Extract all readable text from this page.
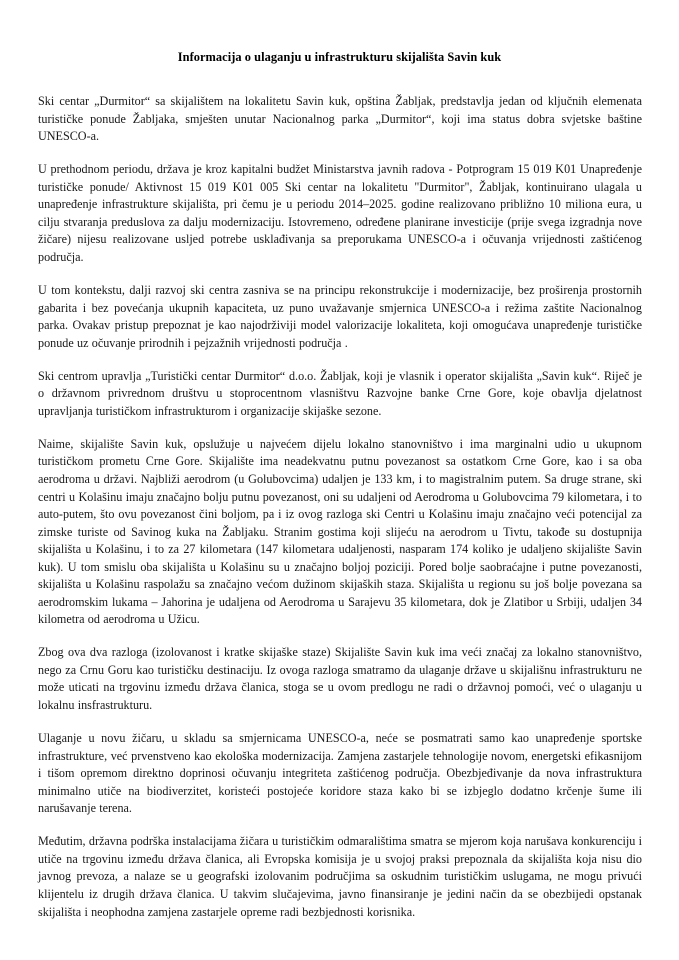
Informacija o ulaganju u infrastrukturu skijališta Savin kuk

Ski centar „Durmitor“ sa skijalištem na lokalitetu Savin kuk, opština Žabljak, predstavlja jedan od ključnih elemenata turističke ponude Žabljaka, smješten unutar Nacionalnog parka „Durmitor“, koji ima status dobra svjetske baštine UNESCO-a.

U prethodnom periodu, država je kroz kapitalni budžet Ministarstva javnih radova - Potprogram 15 019 K01 Unapređenje turističke ponude/ Aktivnost 15 019 K01 005 Ski centar na lokalitetu "Durmitor", Žabljak, kontinuirano ulagala u unapređenje infrastrukture skijališta, pri čemu je u periodu 2014–2025. godine realizovano približno 10 miliona eura, u cilju stvaranja preduslova za dalju modernizaciju. Istovremeno, određene planirane investicije (prije svega izgradnja nove žičare) nijesu realizovane usljed potrebe usklađivanja sa preporukama UNESCO-a i očuvanja vrijednosti zaštićenog područja.

U tom kontekstu, dalji razvoj ski centra zasniva se na principu rekonstrukcije i modernizacije, bez proširenja prostornih gabarita i bez povećanja ukupnih kapaciteta, uz puno uvažavanje smjernica UNESCO-a i režima zaštite Nacionalnog parka. Ovakav pristup prepoznat je kao najodrživiji model valorizacije lokaliteta, koji omogućava unapređenje turističke ponude uz očuvanje prirodnih i pejzažnih vrijednosti područja .

Ski centrom upravlja „Turistički centar Durmitor“ d.o.o. Žabljak, koji je vlasnik i operator skijališta „Savin kuk“. Riječ je o državnom privrednom društvu u stoprocentnom vlasništvu Razvojne banke Crne Gore, koje obavlja djelatnost upravljanja turističkom infrastrukturom i organizacije skijaške sezone.

Naime, skijalište Savin kuk, opslužuje u najvećem dijelu lokalno stanovništvo i ima marginalni udio u ukupnom turističkom prometu Crne Gore. Skijalište ima neadekvatnu putnu povezanost sa ostatkom Crne Gore, kao i sa oba aerodroma u državi. Najbliži aerodrom (u Golubovcima) udaljen je 133 km, i to magistralnim putem. Sa druge strane, ski centri u Kolašinu imaju značajno bolju putnu povezanost, oni su udaljeni od Aerodroma u Golubovcima 79 kilometara, i to auto-putem, što ovu povezanost čini boljom, pa i iz ovog razloga ski Centri u Kolašinu imaju značajno veći potencijal za zimske turiste od Savinog kuka na Žabljaku. Stranim gostima koji slijeću na aerodrom u Tivtu, takođe su dostupnija skijališta u Kolašinu, i to za 27 kilometara (147 kilometara udaljenosti, nasparam 174 koliko je udaljeno skijalište Savin kuk). U tom smislu oba skijališta u Kolašinu su u značajno boljoj poziciji. Pored bolje saobraćajne i putne povezanosti, skijališta u Kolašinu raspolažu sa značajno većom dužinom skijaških staza. Skijališta u regionu su još bolje povezana sa aerodromskim lukama – Jahorina je udaljena od Aerodroma u Sarajevu 35 kilometara, dok je Zlatibor u Srbiji, udaljen 34 kilometra od aerodroma u Užicu.

Zbog ova dva razloga (izolovanost i kratke skijaške staze) Skijalište Savin kuk ima veći značaj za lokalno stanovništvo, nego za Crnu Goru kao turističku destinaciju. Iz ovoga razloga smatramo da ulaganje države u skijališnu infrastrukturu ne može uticati na trgovinu između država članica, stoga se u ovom predlogu ne radi o državnoj pomoći, već o ulaganju u lokalnu insfrastrukturu.

Ulaganje u novu žičaru, u skladu sa smjernicama UNESCO-a, neće se posmatrati samo kao unapređenje sportske infrastrukture, već prvenstveno kao ekološka modernizacija. Zamjena zastarjele tehnologije novom, energetski efikasnijom i tišom opremom direktno doprinosi očuvanju integriteta zaštićenog područja. Obezbjeđivanje da nova infrastruktura minimalno utiče na biodiverzitet, koristeći postojeće koridore staza kako bi se izbjeglo dodatno krčenje šume ili narušavanje terena.

Međutim, državna podrška instalacijama žičara u turističkim odmaralištima smatra se mjerom koja narušava konkurenciju i utiče na trgovinu između država članica, ali Evropska komisija je u svojoj praksi prepoznala da skijališta koja nisu dio javnog prevoza, a nalaze se u geografski izolovanim područjima sa oskudnim turističkim uslugama, ne mogu privući klijentelu iz drugih država članica. U takvim slučajevima, javno finansiranje je jedini način da se obezbijedi opstanak skijališta i neophodna zamjena zastarjele opreme radi bezbjednosti korisnika.
